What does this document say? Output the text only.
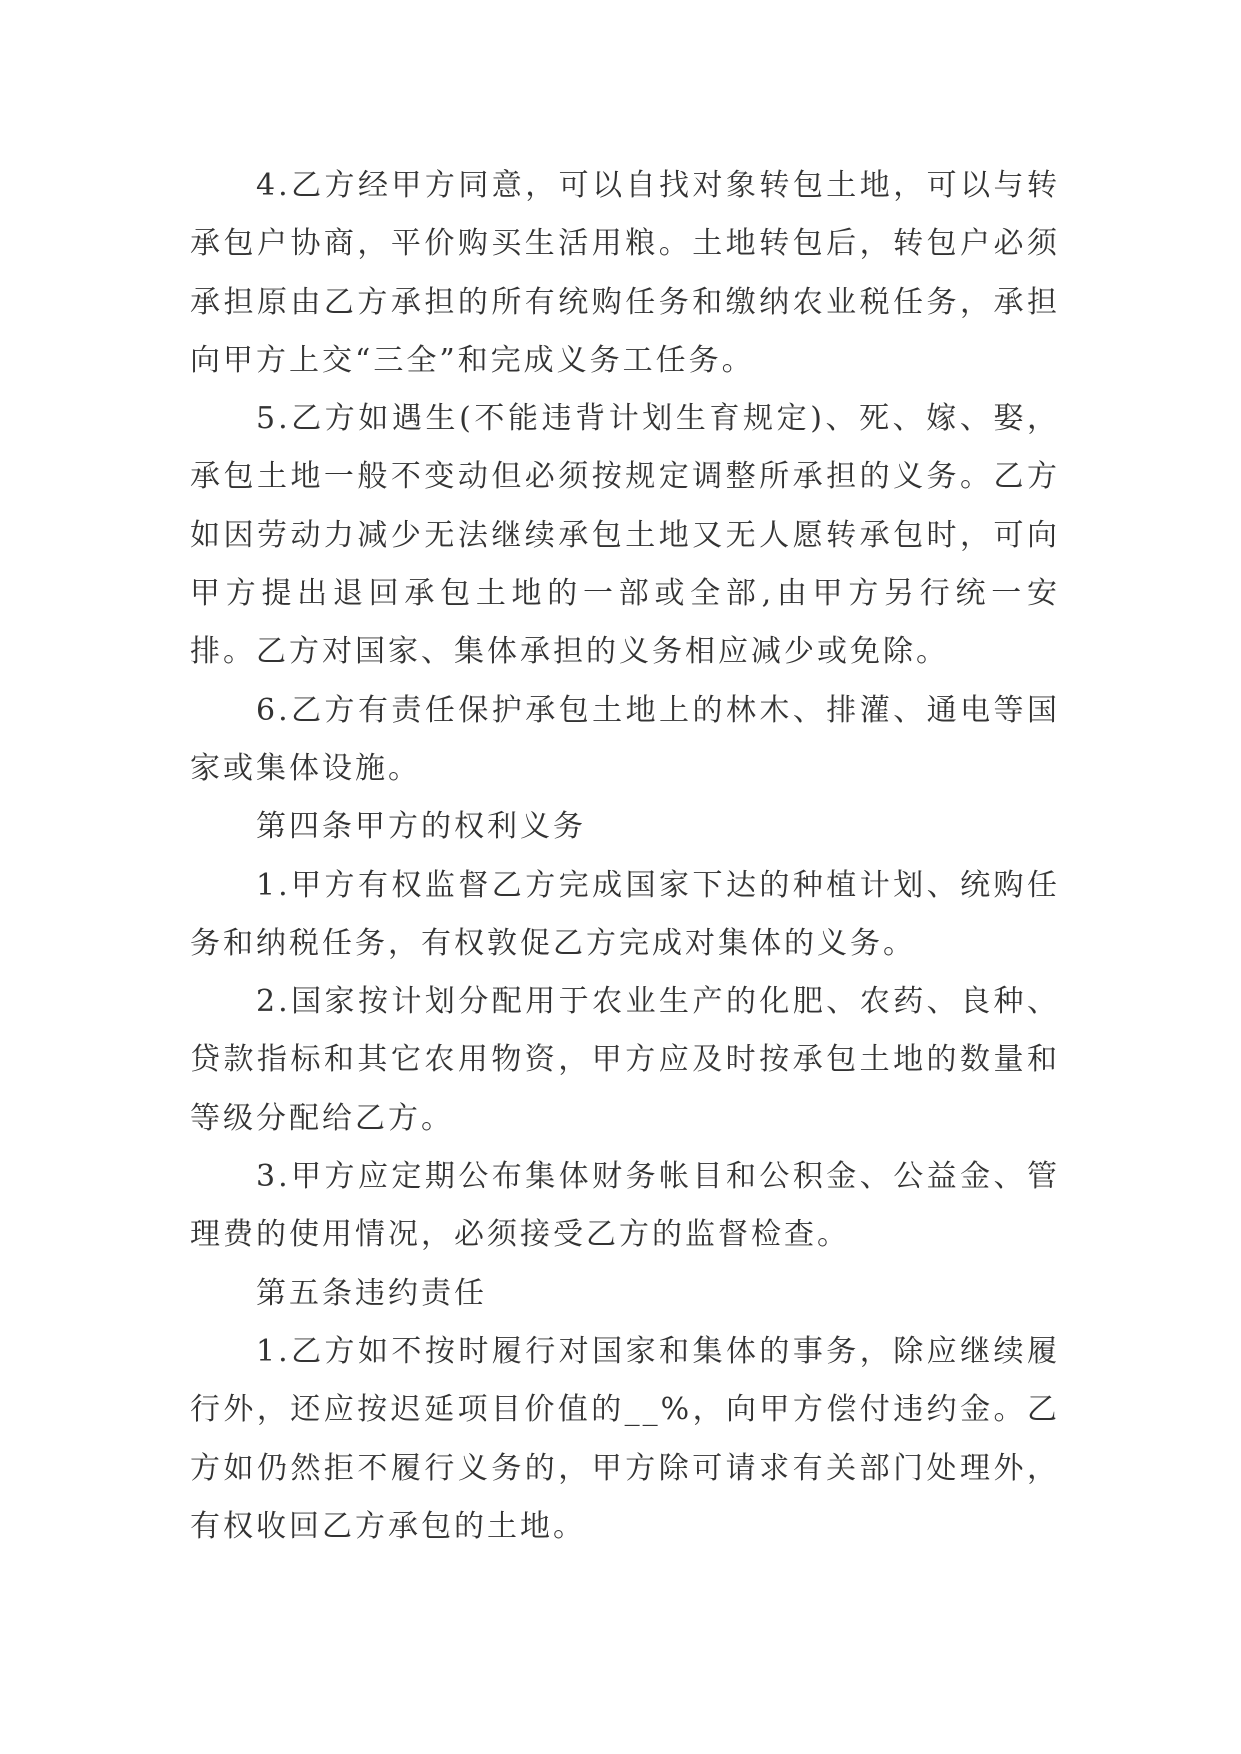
4.乙方经甲方同意，可以自找对象转包土地，可以与转承包户协商，平价购买生活用粮。土地转包后，转包户必须承担原由乙方承担的所有统购任务和缴纳农业税任务，承担向甲方上交“三全”和完成义务工任务。

5.乙方如遇生(不能违背计划生育规定)、死、嫁、娶，承包土地一般不变动但必须按规定调整所承担的义务。乙方如因劳动力减少无法继续承包土地又无人愿转承包时，可向甲方提出退回承包土地的一部或全部,由甲方另行统一安排。乙方对国家、集体承担的义务相应减少或免除。

6.乙方有责任保护承包土地上的林木、排灌、通电等国家或集体设施。

第四条甲方的权利义务

1.甲方有权监督乙方完成国家下达的种植计划、统购任务和纳税任务，有权敦促乙方完成对集体的义务。

2.国家按计划分配用于农业生产的化肥、农药、良种、贷款指标和其它农用物资，甲方应及时按承包土地的数量和等级分配给乙方。

3.甲方应定期公布集体财务帐目和公积金、公益金、管理费的使用情况，必须接受乙方的监督检查。

第五条违约责任

1.乙方如不按时履行对国家和集体的事务，除应继续履行外，还应按迟延项目价值的__%，向甲方偿付违约金。乙方如仍然拒不履行义务的，甲方除可请求有关部门处理外，有权收回乙方承包的土地。
